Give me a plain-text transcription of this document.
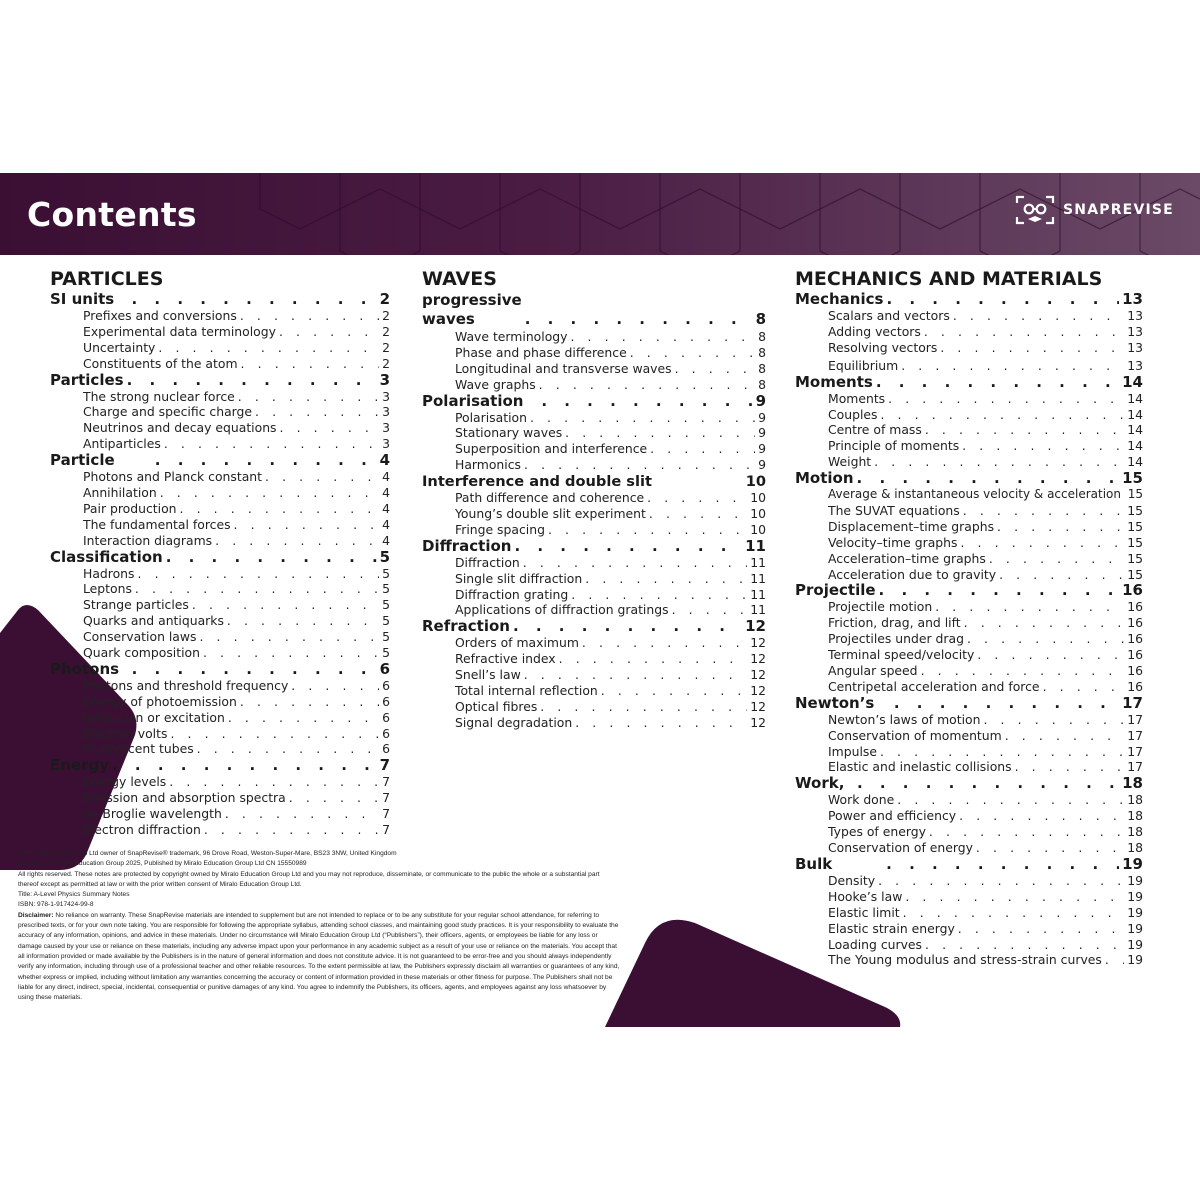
Contents	SNAPREVISE
PARTICLES
SI units . . .	2
Prefixes and conversions . . .	2
Experimental data terminology . . .	2
Uncertainty . . .	2
Constituents of the atom . . .	2
Particles . . .	3
The strong nuclear force . . .	3
Charge and specific charge . . .	3
Neutrinos and decay equations . . .	3
Antiparticles . . .	3
Particle . . .	4
Photons and Planck constant . . .	4
Annihilation . . .	4
Pair production . . .	4
The fundamental forces . . .	4
Interaction diagrams . . .	4
Classification . . .	5
Hadrons . . .	5
Leptons . . .	5
Strange particles . . .	5
Quarks and antiquarks . . .	5
Conservation laws . . .	5
Quark composition . . .	5
Photons . . .	6
Photons and threshold frequency . . .	6
Energy of photoemission . . .	6
Ionisation or excitation . . .	6
Electron volts . . .	6
Fluorescent tubes . . .	6
Energy . . .	7
Energy levels . . .	7
Emission and absorption spectra . . .	7
de Broglie wavelength . . .	7
Electron diffraction . . .	7
WAVES
progressive waves . . .	8
Wave terminology . . .	8
Phase and phase difference . . .	8
Longitudinal and transverse waves . . .	8
Wave graphs . . .	8
Polarisation . . .	9
Polarisation . . .	9
Stationary waves . . .	9
Superposition and interference . . .	9
Harmonics . . .	9
Interference and double slit	10
Path difference and coherence . . .	10
Young’s double slit experiment . . .	10
Fringe spacing . . .	10
Diffraction . . .	11
Diffraction . . .	11
Single slit diffraction . . .	11
Diffraction grating . . .	11
Applications of diffraction gratings . . .	11
Refraction . . .	12
Orders of maximum . . .	12
Refractive index . . .	12
Snell’s law . . .	12
Total internal reflection . . .	12
Optical fibres . . .	12
Signal degradation . . .	12
MECHANICS AND MATERIALS
Mechanics . . .	13
Scalars and vectors . . .	13
Adding vectors . . .	13
Resolving vectors . . .	13
Equilibrium . . .	13
Moments . . .	14
Moments . . .	14
Couples . . .	14
Centre of mass . . .	14
Principle of moments . . .	14
Weight . . .	14
Motion . . .	15
Average & instantaneous velocity & acceleration 15
The SUVAT equations . . .	15
Displacement–time graphs . . .	15
Velocity–time graphs . . .	15
Acceleration–time graphs . . .	15
Acceleration due to gravity . . .	15
Projectile . . .	16
Projectile motion . . .	16
Friction, drag, and lift . . .	16
Projectiles under drag . . .	16
Terminal speed/velocity . . .	16
Angular speed . . .	16
Centripetal acceleration and force . . .	16
Newton’s . . .	17
Newton’s laws of motion . . .	17
Conservation of momentum . . .	17
Impulse . . .	17
Elastic and inelastic collisions . . .	17
Work, . . .	18
Work done . . .	18
Power and efficiency . . .	18
Types of energy . . .	18
Conservation of energy . . .	18
Bulk . . .	19
Density . . .	19
Hooke’s law . . .	19
Elastic limit . . .	19
Elastic strain energy . . .	19
Loading curves . . .	19
The Young modulus and stress-strain curves . . . 19

Miralo Education Group Ltd owner of SnapRevise® trademark, 96 Drove Road, Weston-Super-Mare, BS23 3NW, United Kingdom

Copyright © Miralo Education Group 2025, Published by Miralo Education Group Ltd CN 15550989

All rights reserved. These notes are protected by copyright owned by Miralo Education Group Ltd and you may not reproduce, disseminate, or communicate to the public the whole or a substantial part thereof except as permitted at law or with the prior written consent of Miralo Education Group Ltd.

Title: A-Level Physics Summary Notes

ISBN: 978-1-917424-99-8

Disclaimer: No reliance on warranty. These SnapRevise materials are intended to supplement but are not intended to replace or to be any substitute for your regular school attendance, for referring to prescribed texts, or for your own note taking. You are responsible for following the appropriate syllabus, attending school classes, and maintaining good study practices. It is your responsibility to evaluate the accuracy of any information, opinions, and advice in these materials. Under no circumstance will Miralo Education Group Ltd (“Publishers”), their officers, agents, or employees be liable for any loss or damage caused by your use or reliance on these materials, including any adverse impact upon your performance in any academic subject as a result of your use or reliance on the materials. You accept that all information provided or made available by the Publishers is in the nature of general information and does not constitute advice. It is not guaranteed to be error-free and you should always independently verify any information, including through use of a professional teacher and other reliable resources. To the extent permissible at law, the Publishers expressly disclaim all warranties or guarantees of any kind, whether express or implied, including without limitation any warranties concerning the accuracy or content of information provided in these materials or other fitness for purpose. The Publishers shall not be liable for any direct, indirect, special, incidental, consequential or punitive damages of any kind. You agree to indemnify the Publishers, its officers, agents, and employees against any loss whatsoever by using these materials.
